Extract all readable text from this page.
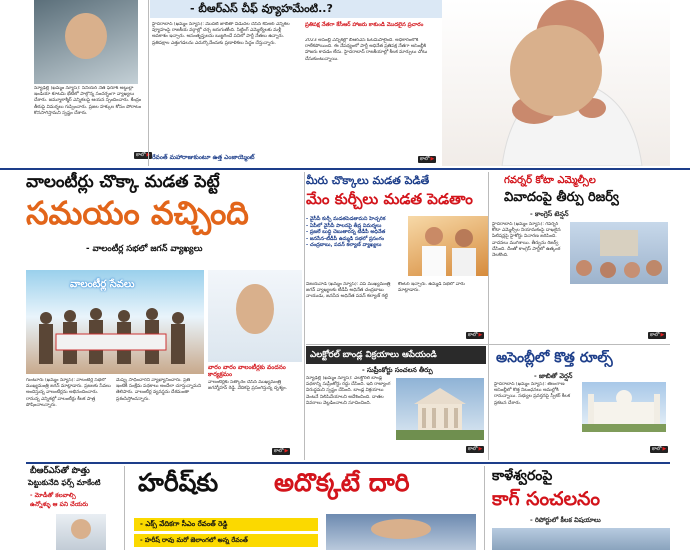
న్యూఢిల్లీ (ఖమ్మం న్యూస్): సీనియర్ నేత ఫరూక్ అబ్దుల్లా ఇండియా కూటమి భేటీలో పాల్గొన్న సందర్భంగా వ్యాఖ్యలు చేశారు. జమ్మూకాశ్మీర్ ఎన్నికలపై ఆయన స్పందించారు. కేంద్రం తీరుపై విమర్శలు గుప్పించారు. ప్రజల హక్కుల కోసం పోరాటం కొనసాగిస్తామని స్పష్టం చేశారు.
కాలో ▶
- బీఆర్ఎస్ చీఫ్ వ్యూహమేంటి..?
హైదరాబాద్ (ఖమ్మం న్యూస్): మొదటి జాబితా విడుదల చేసిన కేసీఆర్ ఎన్నికల వ్యూహంపై రాజకీయ వర్గాల్లో చర్చ జరుగుతోంది. సిట్టింగ్ ఎమ్మెల్యేలకు మళ్లీ అవకాశం ఇచ్చారు. అసంతృప్తులను బుజ్జగించే పనిలో పార్టీ నేతలు ఉన్నారు. ప్రతిపక్షాల ఎత్తుగడలను ఎదుర్కొనేందుకు ప్రణాళికలు సిద్ధం చేస్తున్నారు.
రేవంత్ మహారాజుకుంటూ ఉత్త ఎంజాయ్మెంట్
ప్రతిపక్ష నేతగా కేసీఆర్ హాజరు కాకుండి మొదలైన ప్రచారం
2023 అసెంబ్లీ ఎన్నికల్లో బీఆర్ఎస్ ఓటమిపాలైంది. అధికారంలోకి రాలేకపోయింది. ఈ నేపథ్యంలో పార్టీ అధినేత ప్రతిపక్ష నేతగా అసెంబ్లీకి హాజరు కావడం లేదు. హైదరాబాద్ రాజకీయాల్లో కీలక మార్పులు చోటు చేసుకుంటున్నాయి.
కాలో ▶
వాలంటీర్లు చొక్కా మడత పెట్టే
సమయం వచ్చింది
- వాలంటీర్ల సభలో జగన్ వ్యాఖ్యలు
వాలంటీర్ల సేవలు
వారం వారం వాలంటీర్లకు వందనం కార్యక్రమం
వాలంటీర్లకు సత్కారం చేసిన ముఖ్యమంత్రి జగన్మోహన్ రెడ్డి. వేదికపై ప్రసంగిస్తున్న దృశ్యం.
గుంటూరు (ఖమ్మం న్యూస్): వాలంటీర్ల సభలో ముఖ్యమంత్రి జగన్ మాట్లాడారు. ప్రజలకు సేవలు అందిస్తున్న వాలంటీర్లను అభినందించారు. రానున్న ఎన్నికల్లో వాలంటీర్లు కీలక పాత్ర పోషించాలన్నారు.
మెప్పు సాధించారని వ్యాఖ్యానించారు. ప్రతి ఇంటికీ సంక్షేమ పథకాలు అందేలా చూస్తున్నామని తెలిపారు. వాలంటీర్ల వ్యవస్థను దేశమంతా ప్రశంసిస్తోందన్నారు.
కాలో ▶
మీరు చొక్కాలు మడత పెడితే
మేం కుర్చీలు మడత పెడతాం
- వైసీపీ కుర్చీ మడతపెడతామని హెచ్చరిక
- ఏపీలో వైసీపీ పాలనపై తీవ్ర విమర్శలు
- ప్రజలే బుద్ధి చెబుతారన్న టీడీపీ అధినేత
- జనసేన-టీడీపీ ఉమ్మడి సభలో ప్రసంగం
- చంద్రబాబు, పవన్ కల్యాణ్ వ్యాఖ్యలు
విజయవాడ (ఖమ్మం న్యూస్): ఏపీ ముఖ్యమంత్రి జగన్ వ్యాఖ్యలకు టీడీపీ అధినేత చంద్రబాబు నాయుడు, జనసేన అధినేత పవన్ కల్యాణ్ గట్టి కౌంటర్ ఇచ్చారు. ఉమ్మడి సభలో వారు మాట్లాడారు.
కాలో ▶
గవర్నర్ కోటా ఎమ్మెల్సీల
వివాదంపై తీర్పు రిజర్వ్
- కాంగ్రెస్ టెన్షన్
హైదరాబాద్ (ఖమ్మం న్యూస్): గవర్నర్ కోటా ఎమ్మెల్సీల నియామకంపై దాఖలైన పిటిషన్లపై హైకోర్టు విచారణ జరిపింది. వాదనలు ముగిశాయి. తీర్పును రిజర్వ్ చేసింది. దీంతో కాంగ్రెస్ పార్టీలో ఉత్కంఠ నెలకొంది.
కాలో ▶
ఎలక్టోరల్ బాండ్ల విక్రయాలు ఆపేయండి
- సుప్రీంకోర్టు సంచలన తీర్పు
న్యూఢిల్లీ (ఖమ్మం న్యూస్): ఎలక్టోరల్ బాండ్ల పథకాన్ని సుప్రీంకోర్టు రద్దు చేసింది. ఇది రాజ్యాంగ విరుద్ధమని స్పష్టం చేసింది. బాండ్ల విక్రయాలు వెంటనే నిలిపివేయాలని ఆదేశించింది. దాతల వివరాలు వెల్లడించాలని సూచించింది.
కాలో ▶
అసెంబ్లీలో కొత్త రూల్స్
- జాబితో వెర్షన్
హైదరాబాద్ (ఖమ్మం న్యూస్): తెలంగాణ అసెంబ్లీలో కొత్త నిబంధనలు అమల్లోకి రానున్నాయి. సభ్యుల ప్రవర్తనపై స్పీకర్ కీలక ప్రకటన చేశారు.
కాలో ▶
బీఆర్ఎస్‌తో పొత్తు
పెట్టుకునేది ఫర్స్ మాకేంటి
- మోడీతో కలవాల్సి
ఉన్నోళ్ళు ఆ పని చేయరు
హరీష్‌కు అదొక్కటే దారి
- ఎక్స్ వేదికగా సీఎం రేవంత్ రెడ్డి
- హరీష్ రావు మరో జెలాంగలో అన్న రేవంత్
కాళేశ్వరంపై
కాగ్ సంచలనం
- రిపోర్టులో కీలక విషయాలు
